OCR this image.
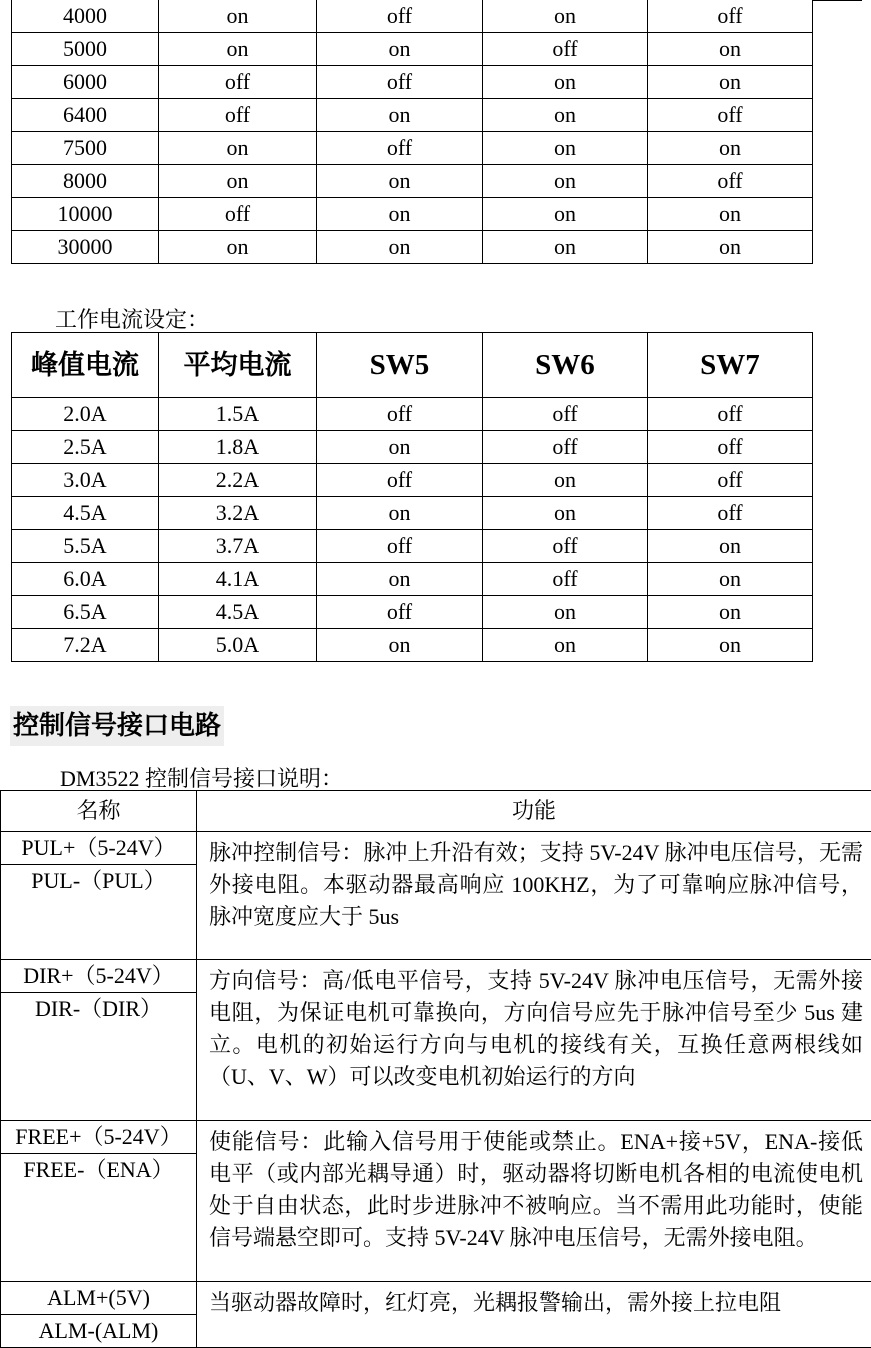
4000	on	off	on	off
5000	on	on	off	on
6000	off	off	on	on
6400	off	on	on	off
7500	on	off	on	on
8000	on	on	on	off
10000	off	on	on	on
30000	on	on	on	on
工作电流设定：
峰值电流	平均电流	SW5	SW6	SW7
2.0A	1.5A	off	off	off
2.5A	1.8A	on	off	off
3.0A	2.2A	off	on	off
4.5A	3.2A	on	on	off
5.5A	3.7A	off	off	on
6.0A	4.1A	on	off	on
6.5A	4.5A	off	on	on
7.2A	5.0A	on	on	on
控制信号接口电路
DM3522 控制信号接口说明：
名称	功能

PUL+（5-24V）
PUL-（PUL）	脉冲控制信号：脉冲上升沿有效；支持 5V-24V 脉冲电压信号，无需外接电阻。本驱动器最高响应 100KHZ，为了可靠响应脉冲信号，脉冲宽度应大于 5us

DIR+（5-24V）
DIR-（DIR）	方向信号：高/低电平信号，支持 5V-24V 脉冲电压信号，无需外接电阻，为保证电机可靠换向，方向信号应先于脉冲信号至少 5us 建立。电机的初始运行方向与电机的接线有关，互换任意两根线如（U、V、W）可以改变电机初始运行的方向

FREE+（5-24V）
FREE-（ENA）	使能信号：此输入信号用于使能或禁止。ENA+接+5V，ENA-接低电平（或内部光耦导通）时，驱动器将切断电机各相的电流使电机处于自由状态，此时步进脉冲不被响应。当不需用此功能时，使能信号端悬空即可。支持 5V-24V 脉冲电压信号，无需外接电阻。

ALM+(5V)
ALM-(ALM)	当驱动器故障时，红灯亮，光耦报警输出，需外接上拉电阻
